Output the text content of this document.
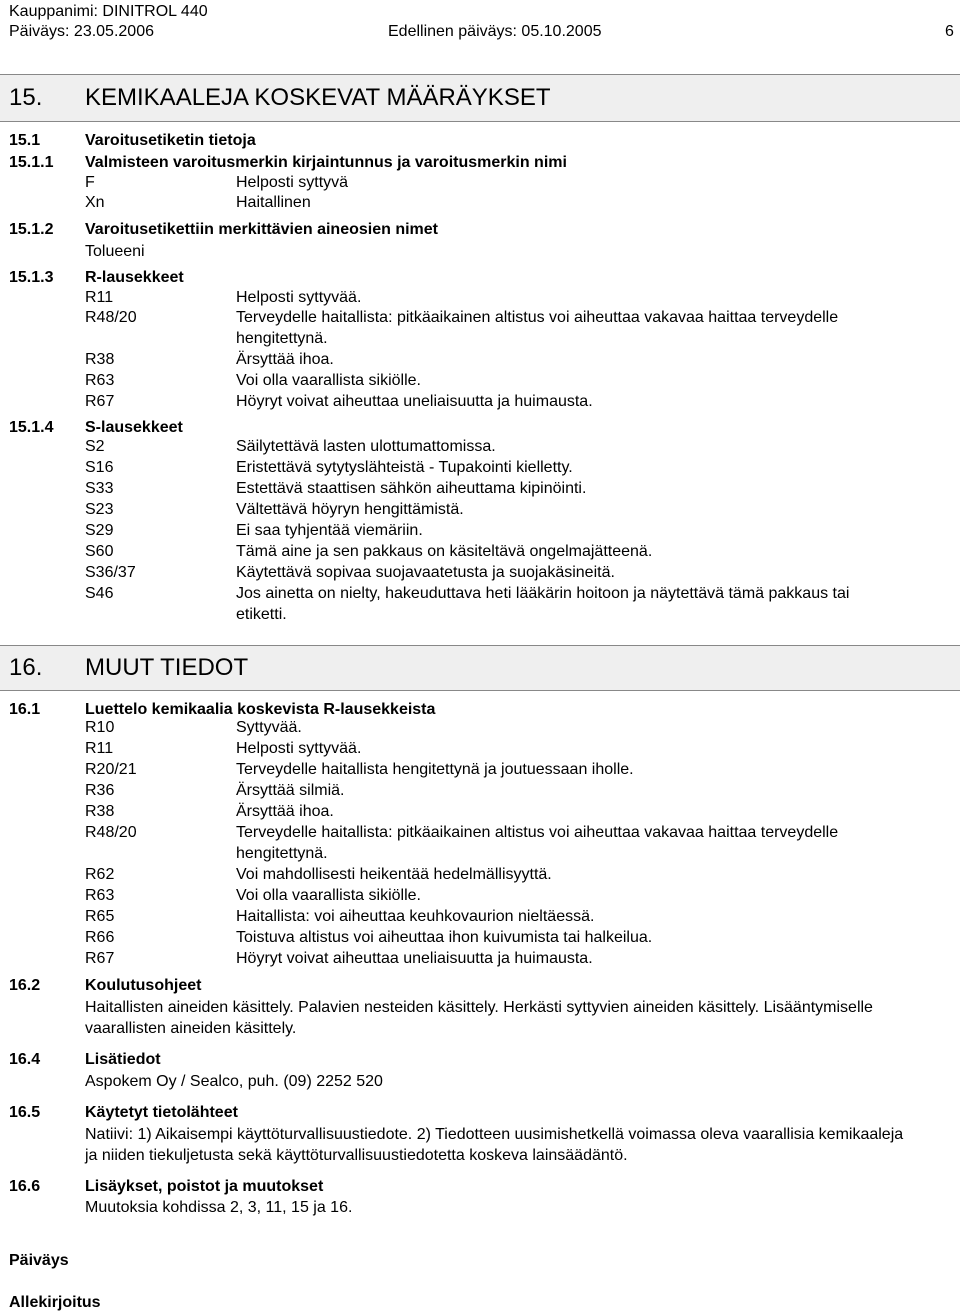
Kauppanimi: DINITROL 440
Päiväys: 23.05.2006	Edellinen päiväys: 05.10.2005	6
15. KEMIKAALEJA KOSKEVAT MÄÄRÄYKSET
15.1	Varoitusetiketin tietoja
15.1.1 Valmisteen varoitusmerkin kirjaintunnus ja varoitusmerkin nimi
F	Helposti syttyvä
Xn	Haitallinen
15.1.2 Varoitusetikettiin merkittävien aineosien nimet
Tolueeni
15.1.3 R-lausekkeet
R11	Helposti syttyvää.
R48/20	Terveydelle haitallista: pitkäaikainen altistus voi aiheuttaa vakavaa haittaa terveydelle
hengitettynä.
R38	Ärsyttää ihoa.
R63	Voi olla vaarallista sikiölle.
R67	Höyryt voivat aiheuttaa uneliaisuutta ja huimausta.
15.1.4 S-lausekkeet
S2	Säilytettävä lasten ulottumattomissa.
S16	Eristettävä sytytyslähteistä - Tupakointi kielletty.
S33	Estettävä staattisen sähkön aiheuttama kipinöinti.
S23	Vältettävä höyryn hengittämistä.
S29	Ei saa tyhjentää viemäriin.
S60	Tämä aine ja sen pakkaus on käsiteltävä ongelmajätteenä.
S36/37	Käytettävä sopivaa suojavaatetusta ja suojakäsineitä.
S46	Jos ainetta on nielty, hakeuduttava heti lääkärin hoitoon ja näytettävä tämä pakkaus tai
etiketti.
16. MUUT TIEDOT
16.1	Luettelo kemikaalia koskevista R-lausekkeista
R10	Syttyvää.
R11	Helposti syttyvää.
R20/21	Terveydelle haitallista hengitettynä ja joutuessaan iholle.
R36	Ärsyttää silmiä.
R38	Ärsyttää ihoa.
R48/20	Terveydelle haitallista: pitkäaikainen altistus voi aiheuttaa vakavaa haittaa terveydelle
hengitettynä.
R62	Voi mahdollisesti heikentää hedelmällisyyttä.
R63	Voi olla vaarallista sikiölle.
R65	Haitallista: voi aiheuttaa keuhkovaurion nieltäessä.
R66	Toistuva altistus voi aiheuttaa ihon kuivumista tai halkeilua.
R67	Höyryt voivat aiheuttaa uneliaisuutta ja huimausta.
16.2	Koulutusohjeet
Haitallisten aineiden käsittely. Palavien nesteiden käsittely. Herkästi syttyvien aineiden käsittely. Lisääntymiselle vaarallisten aineiden käsittely.
16.4	Lisätiedot
Aspokem Oy / Sealco, puh. (09) 2252 520
16.5	Käytetyt tietolähteet
Natiivi: 1) Aikaisempi käyttöturvallisuustiedote. 2) Tiedotteen uusimishetkellä voimassa oleva vaarallisia kemikaaleja ja niiden tiekuljetusta sekä käyttöturvallisuustiedotetta koskeva lainsäädäntö.
16.6	Lisäykset, poistot ja muutokset
Muutoksia kohdissa 2, 3, 11, 15 ja 16.
Päiväys
Allekirjoitus
